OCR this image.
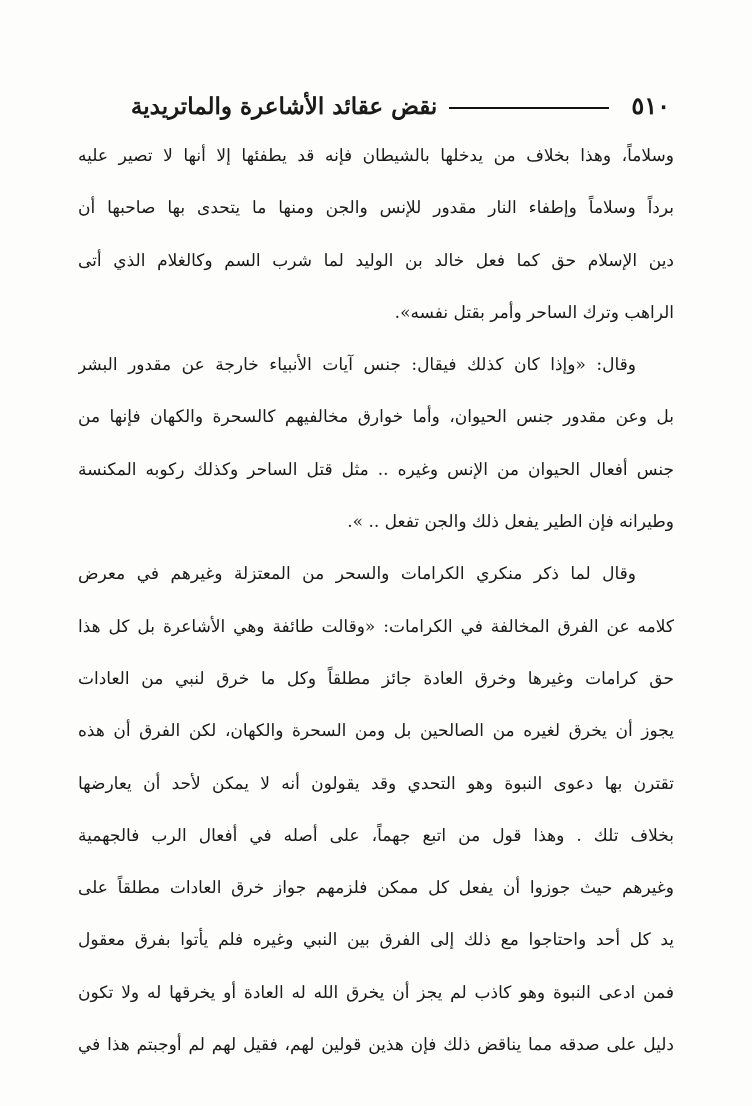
٥١٠
نقض عقائد الأشاعرة والماتريدية
وسلاماً، وهذا بخلاف من يدخلها بالشيطان فإنه قد يطفئها إلا أنها لا تصير عليه
برداً وسلاماً وإطفاء النار مقدور للإنس والجن ومنها ما يتحدى بها صاحبها أن
دين الإسلام حق كما فعل خالد بن الوليد لما شرب السم وكالغلام الذي أتى
الراهب وترك الساحر وأمر بقتل نفسه».
وقال: «وإذا كان كذلك فيقال: جنس آيات الأنبياء خارجة عن مقدور البشر
بل وعن مقدور جنس الحيوان، وأما خوارق مخالفيهم كالسحرة والكهان فإنها من
جنس أفعال الحيوان من الإنس وغيره .. مثل قتل الساحر وكذلك ركوبه المكنسة
وطيرانه فإن الطير يفعل ذلك والجن تفعل .. ».
وقال لما ذكر منكري الكرامات والسحر من المعتزلة وغيرهم في معرض
كلامه عن الفرق المخالفة في الكرامات: «وقالت طائفة وهي الأشاعرة بل كل هذا
حق كرامات وغيرها وخرق العادة جائز مطلقاً وكل ما خرق لنبي من العادات
يجوز أن يخرق لغيره من الصالحين بل ومن السحرة والكهان، لكن الفرق أن هذه
تقترن بها دعوى النبوة وهو التحدي وقد يقولون أنه لا يمكن لأحد أن يعارضها
بخلاف تلك . وهذا قول من اتبع جهماً، على أصله في أفعال الرب فالجهمية
وغيرهم حيث جوزوا أن يفعل كل ممكن فلزمهم جواز خرق العادات مطلقاً على
يد كل أحد واحتاجوا مع ذلك إلى الفرق بين النبي وغيره فلم يأتوا بفرق معقول
فمن ادعى النبوة وهو كاذب لم يجز أن يخرق الله له العادة أو يخرقها له ولا تكون
دليل على صدقه مما يناقض ذلك فإن هذين قولين لهم، فقيل لهم لم أوجبتم هذا في
